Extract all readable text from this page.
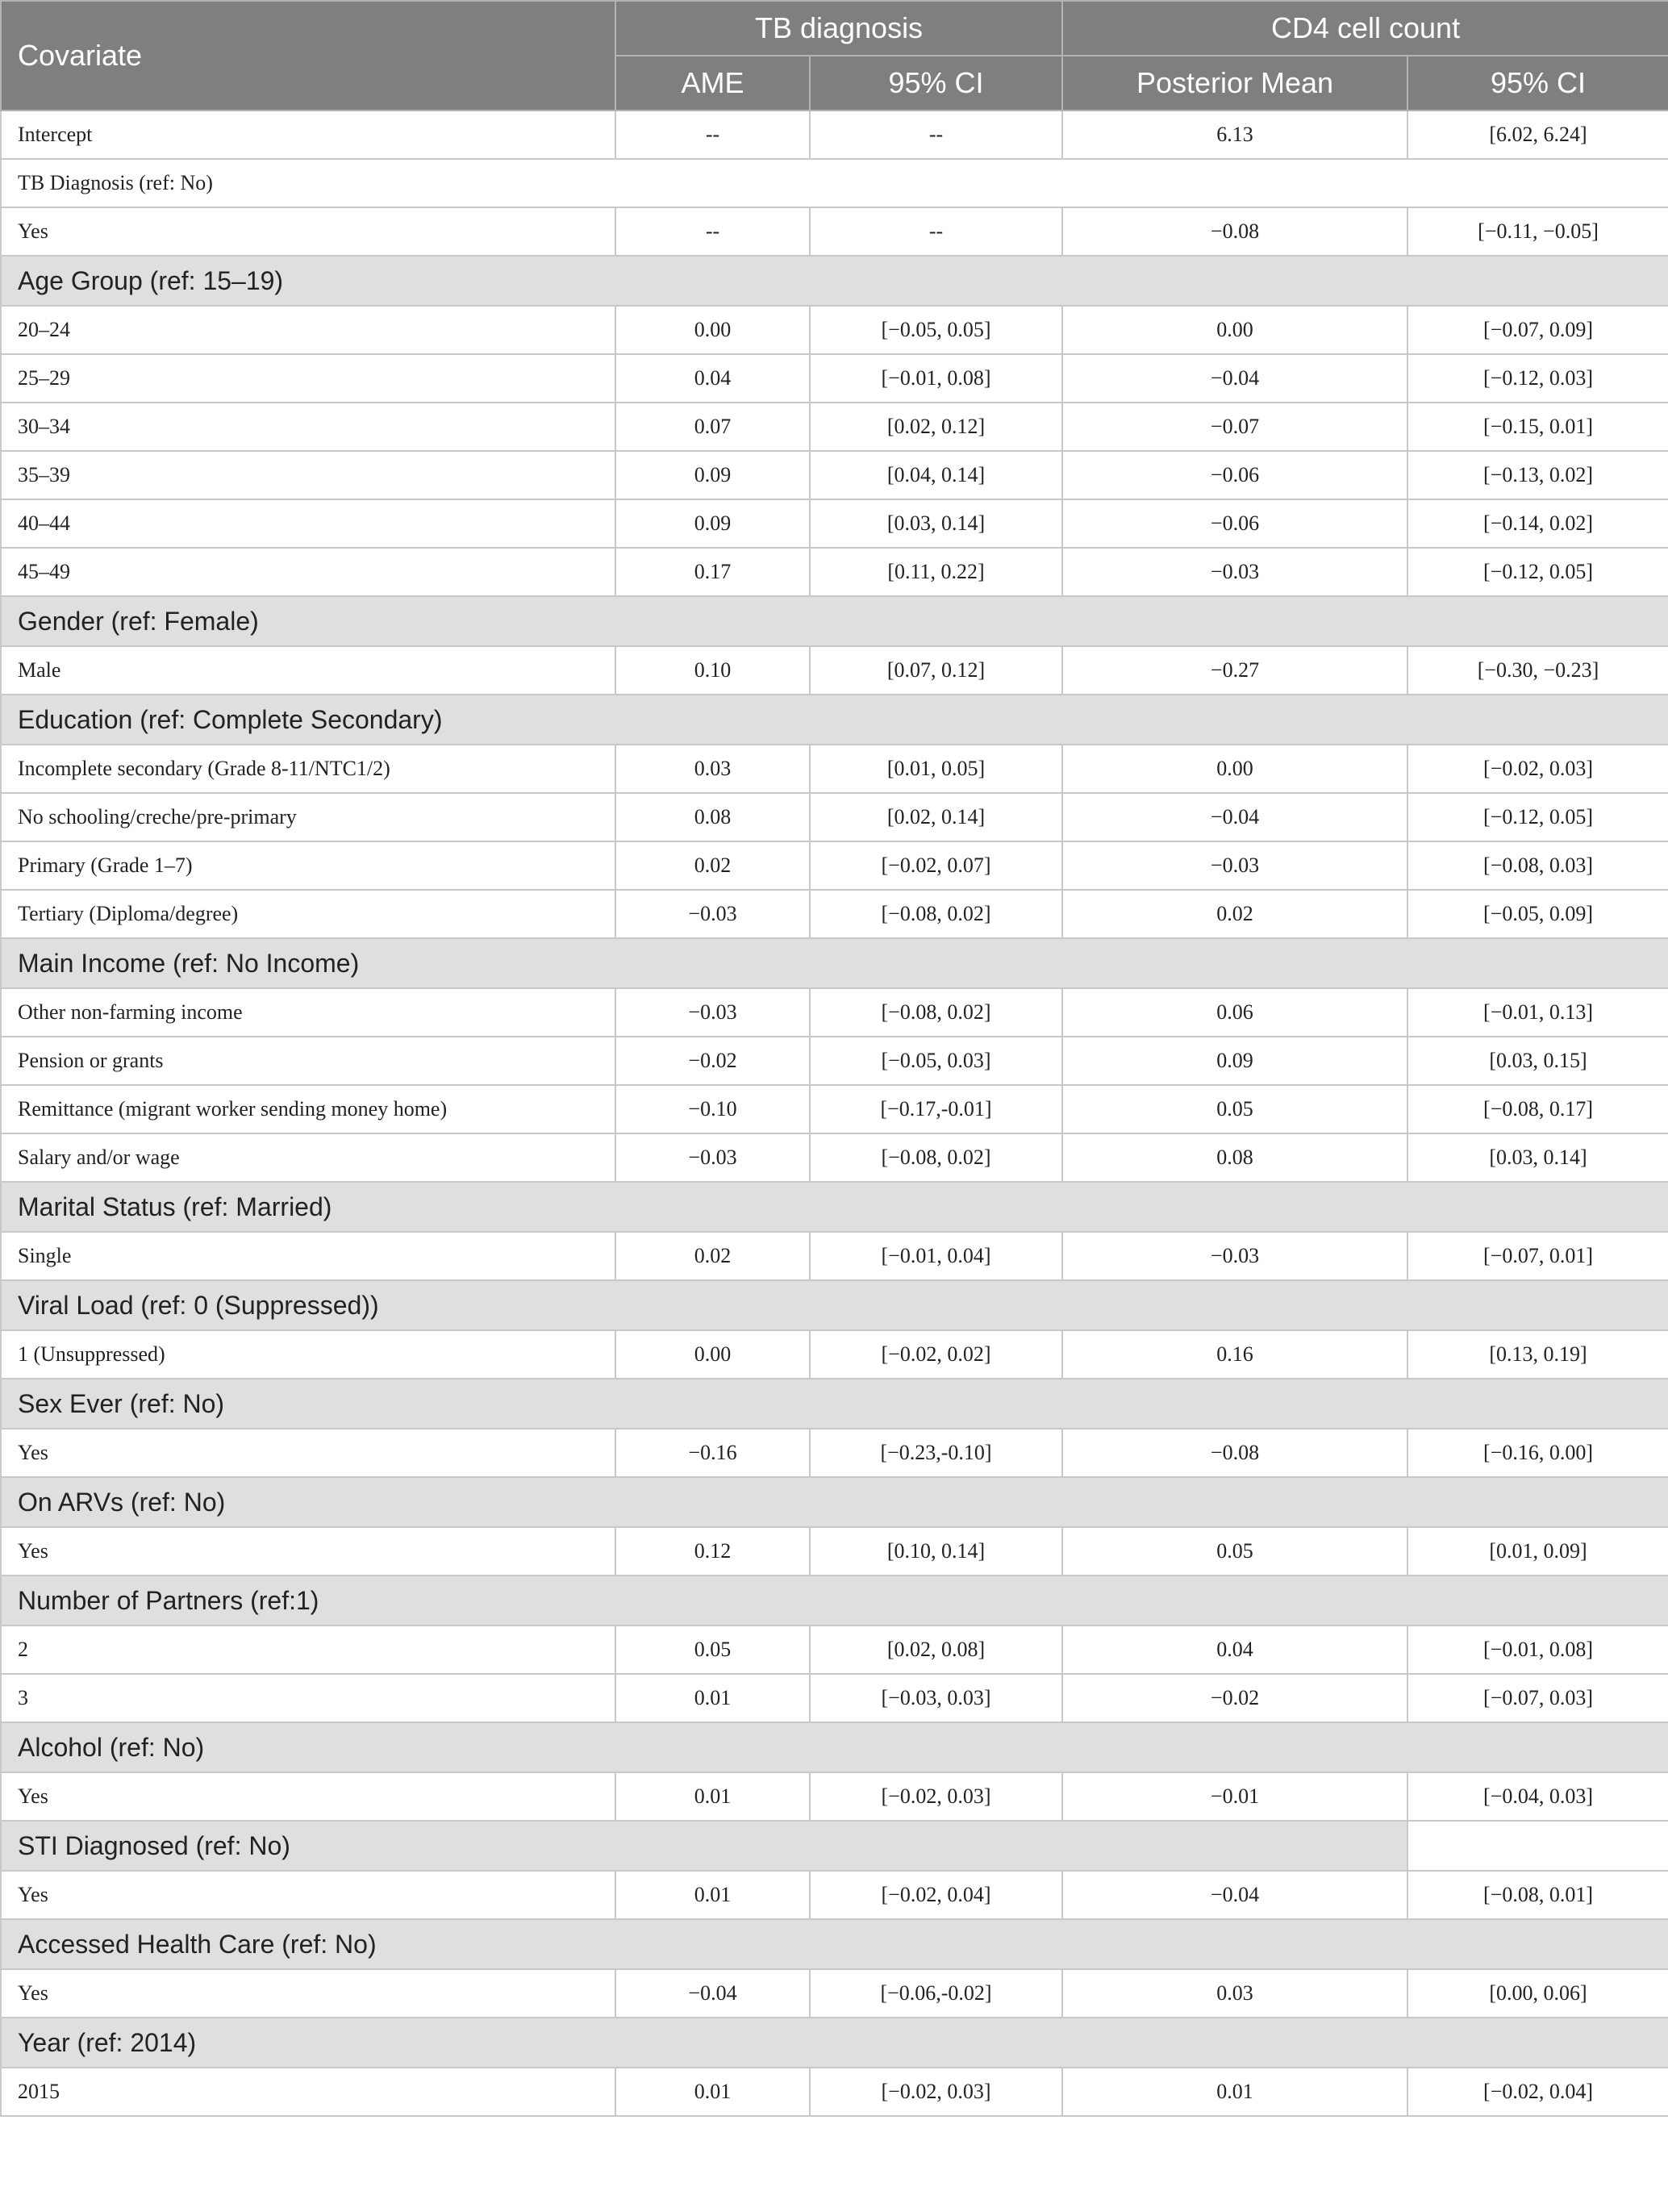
Covariate	TB diagnosis		CD4 cell count	
	AME	95% CI	Posterior Mean	95% CI
Intercept	--	--	6.13	[6.02, 6.24]
TB Diagnosis (ref: No)				
Yes	--	--	−0.08	[−0.11, −0.05]
Age Group (ref: 15–19)				
20–24	0.00	[−0.05, 0.05]	0.00	[−0.07, 0.09]
25–29	0.04	[−0.01, 0.08]	−0.04	[−0.12, 0.03]
30–34	0.07	[0.02, 0.12]	−0.07	[−0.15, 0.01]
35–39	0.09	[0.04, 0.14]	−0.06	[−0.13, 0.02]
40–44	0.09	[0.03, 0.14]	−0.06	[−0.14, 0.02]
45–49	0.17	[0.11, 0.22]	−0.03	[−0.12, 0.05]
Gender (ref: Female)				
Male	0.10	[0.07, 0.12]	−0.27	[−0.30, −0.23]
Education (ref: Complete Secondary)				
Incomplete secondary (Grade 8-11/NTC1/2)	0.03	[0.01, 0.05]	0.00	[−0.02, 0.03]
No schooling/creche/pre-primary	0.08	[0.02, 0.14]	−0.04	[−0.12, 0.05]
Primary (Grade 1–7)	0.02	[−0.02, 0.07]	−0.03	[−0.08, 0.03]
Tertiary (Diploma/degree)	−0.03	[−0.08, 0.02]	0.02	[−0.05, 0.09]
Main Income (ref: No Income)				
Other non-farming income	−0.03	[−0.08, 0.02]	0.06	[−0.01, 0.13]
Pension or grants	−0.02	[−0.05, 0.03]	0.09	[0.03, 0.15]
Remittance (migrant worker sending money home)	−0.10	[−0.17,-0.01]	0.05	[−0.08, 0.17]
Salary and/or wage	−0.03	[−0.08, 0.02]	0.08	[0.03, 0.14]
Marital Status (ref: Married)				
Single	0.02	[−0.01, 0.04]	−0.03	[−0.07, 0.01]
Viral Load (ref: 0 (Suppressed))				
1 (Unsuppressed)	0.00	[−0.02, 0.02]	0.16	[0.13, 0.19]
Sex Ever (ref: No)				
Yes	−0.16	[−0.23,-0.10]	−0.08	[−0.16, 0.00]
On ARVs (ref: No)				
Yes	0.12	[0.10, 0.14]	0.05	[0.01, 0.09]
Number of Partners (ref:1)				
2	0.05	[0.02, 0.08]	0.04	[−0.01, 0.08]
3	0.01	[−0.03, 0.03]	−0.02	[−0.07, 0.03]
Alcohol (ref: No)				
Yes	0.01	[−0.02, 0.03]	−0.01	[−0.04, 0.03]
STI Diagnosed (ref: No)				
Yes	0.01	[−0.02, 0.04]	−0.04	[−0.08, 0.01]
Accessed Health Care (ref: No)				
Yes	−0.04	[−0.06,-0.02]	0.03	[0.00, 0.06]
Year (ref: 2014)				
2015	0.01	[−0.02, 0.03]	0.01	[−0.02, 0.04]
